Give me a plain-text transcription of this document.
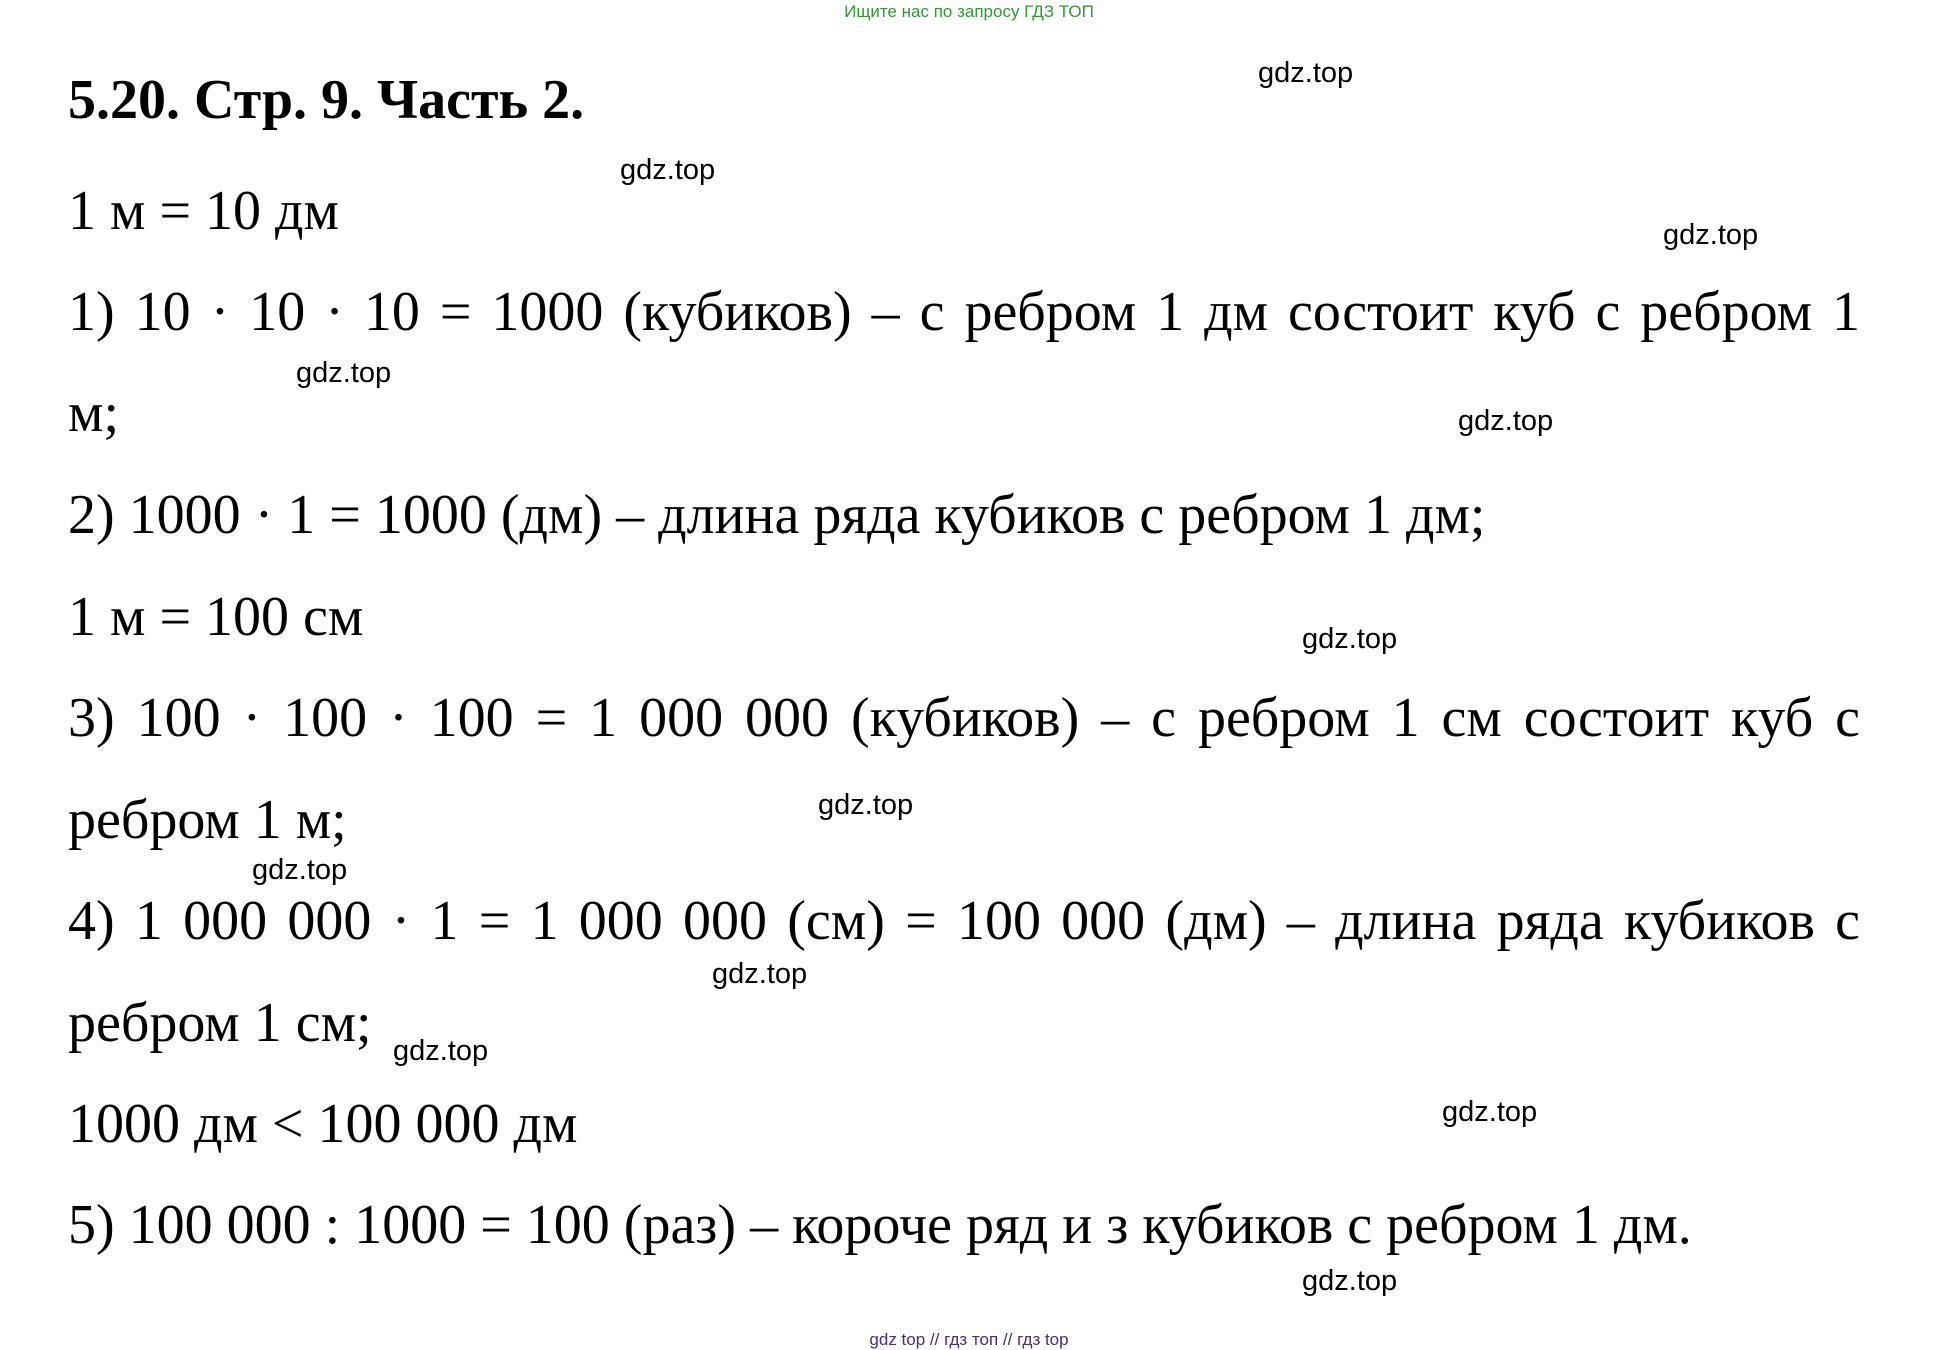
Ищите нас по запросу ГДЗ ТОП
5.20. Стр. 9. Часть 2.
1 м = 10 дм
1) 10 · 10 · 10 = 1000 (кубиков) – с ребром 1 дм состоит куб с ребром 1
м;
2) 1000 · 1 = 1000 (дм) – длина ряда кубиков с ребром 1 дм;
1 м = 100 см
3) 100 · 100 · 100 = 1 000 000 (кубиков) – с ребром 1 см состоит куб с
ребром 1 м;
4) 1 000 000 · 1 = 1 000 000 (см) = 100 000 (дм) – длина ряда кубиков с
ребром 1 см;
1000 дм < 100 000 дм
5) 100 000 : 1000 = 100 (раз) – короче ряд и з кубиков с ребром 1 дм.
gdz.top
gdz.top
gdz.top
gdz.top
gdz.top
gdz.top
gdz.top
gdz.top
gdz.top
gdz.top
gdz.top
gdz.top
gdz top // гдз топ // гдз top
